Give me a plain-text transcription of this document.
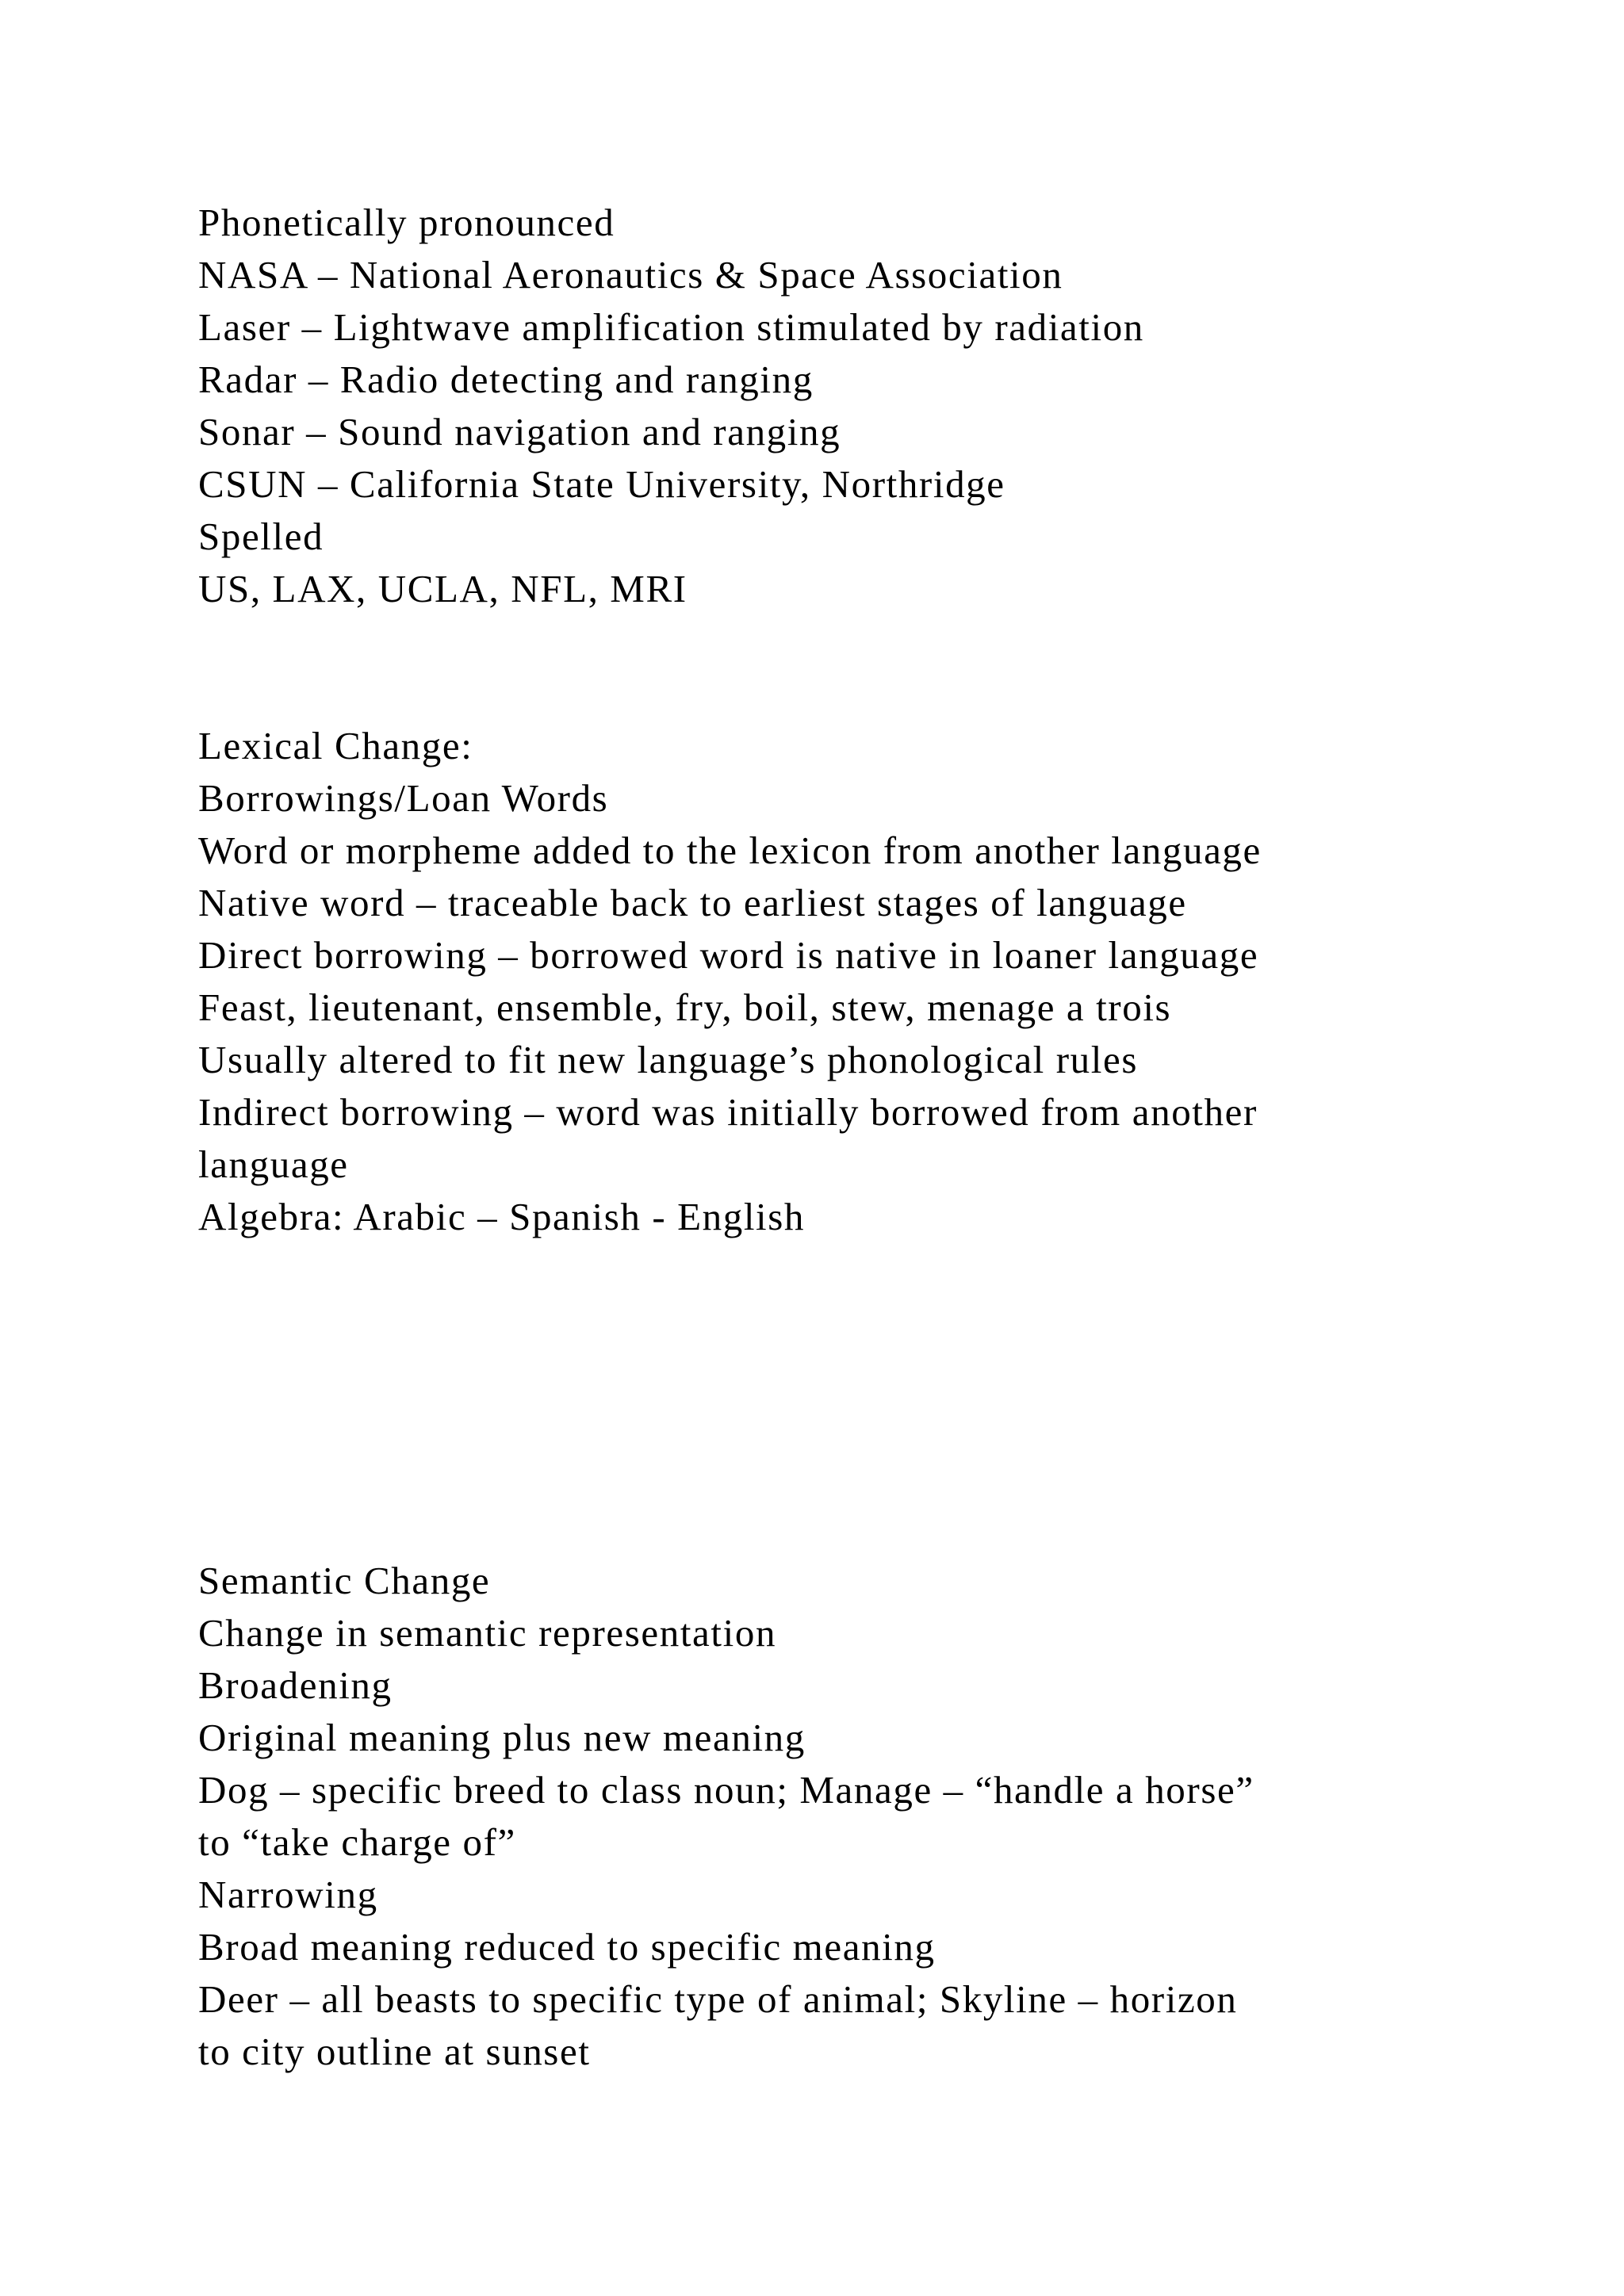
Phonetically pronounced
NASA – National Aeronautics & Space Association
Laser – Lightwave amplification stimulated by radiation
Radar – Radio detecting and ranging
Sonar – Sound navigation and ranging
CSUN – California State University, Northridge
Spelled
US, LAX, UCLA, NFL, MRI
Lexical Change:
Borrowings/Loan Words
Word or morpheme added to the lexicon from another language
Native word – traceable back to earliest stages of language
Direct borrowing – borrowed word is native in loaner language
Feast, lieutenant, ensemble, fry, boil, stew, menage a trois
Usually altered to fit new language’s phonological rules
Indirect borrowing – word was initially borrowed from another
language
Algebra: Arabic – Spanish - English
Semantic Change
Change in semantic representation
Broadening
Original meaning plus new meaning
Dog – specific breed to class noun; Manage – “handle a horse”
to “take charge of”
Narrowing
Broad meaning reduced to specific meaning
Deer – all beasts to specific type of animal; Skyline – horizon
to city outline at sunset
